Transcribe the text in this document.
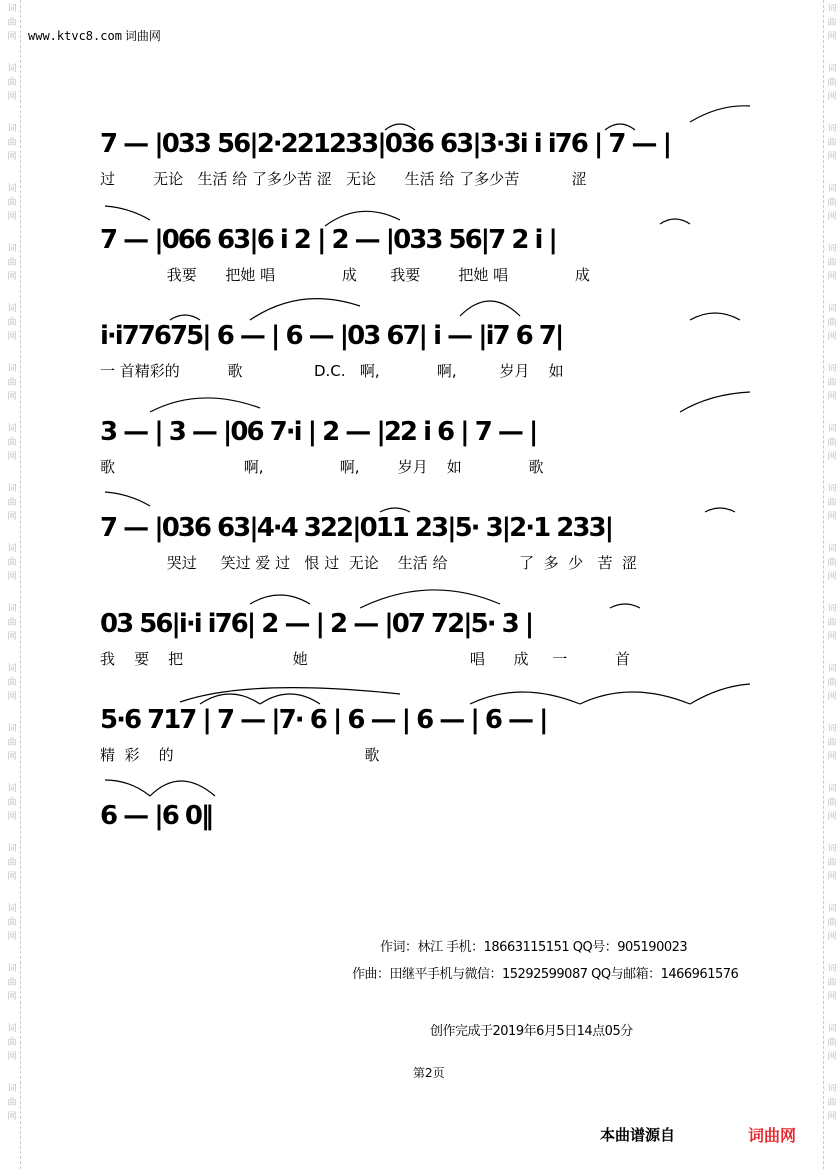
词
曲
网
词
曲
网
词
曲
网
词
曲
网
词
曲
网
词
曲
网
词
曲
网
词
曲
网
词
曲
网
词
曲
网
词
曲
网
词
曲
网
词
曲
网
词
曲
网
词
曲
网
词
曲
网
词
曲
网
词
曲
网
词
曲
网
词
曲
网
词
曲
网
词
曲
网
词
曲
网
词
曲
网
词
曲
网
词
曲
网
词
曲
网
词
曲
网
词
曲
网
词
曲
网
词
曲
网
词
曲
网
词
曲
网
词
曲
网
词
曲
网
词
曲
网
词
曲
网
词
曲
网
www.ktvc8.com 词曲网
7 — |033 56|2·221233|036 63|3·3i i i76 | 7 — |
过        无论   生活 给 了多少苦 涩   无论      生活 给 了多少苦           涩
7 — |066 63|6 i 2 | 2 — |033 56|7 2 i |
我要      把她 唱              成       我要        把她 唱              成
i·i77675| 6 — | 6 — |03 67| i — |i7 6 7|
一 首精彩的          歌               D.C.   啊,            啊,         岁月    如
3 — | 3 — |06 7·i | 2 — |22 i 6 | 7 — |
歌                           啊,                啊,        岁月    如              歌
7 — |036 63|4·4 322|011 23|5· 3|2·1 233|
哭过     笑过 爱 过   恨 过  无论    生活 给               了  多  少   苦  涩
03 56|i·i i76| 2 — | 2 — |07 72|5· 3 |
我    要    把                       她                                  唱      成     一          首
5·6 717 | 7 — |7· 6 | 6 — | 6 — | 6 — |
精  彩    的                                        歌
6 — |6 0‖
作词：林江 手机：18663115151 QQ号：905190023
作曲：田继平手机与微信：15292599087 QQ与邮箱：1466961576
创作完成于2019年6月5日14点05分
第2页
本曲谱源自	词曲网
